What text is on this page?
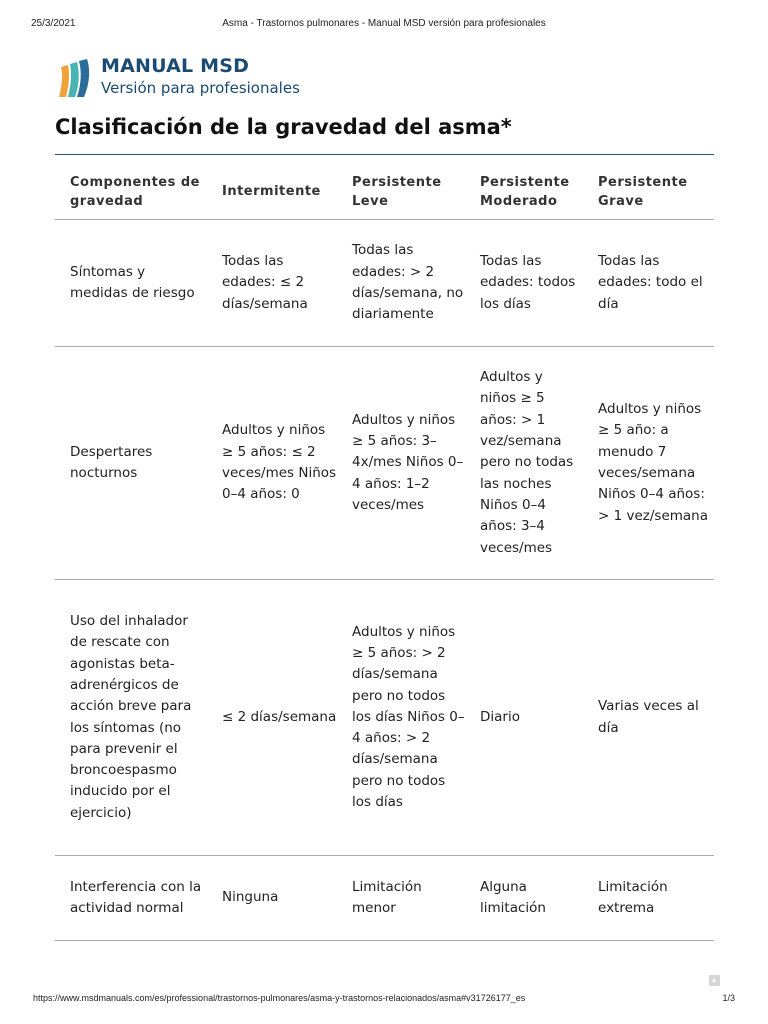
25/3/2021	Asma - Trastornos pulmonares - Manual MSD versión para profesionales
MANUAL MSD
Versión para profesionales
Clasificación de la gravedad del asma*
Componentes de gravedad	Intermitente	Persistente Leve	Persistente Moderado	Persistente Grave
Síntomas y medidas de riesgo	Todas las edades: ≤ 2 días/semana	Todas las edades: > 2 días/semana, no diariamente	Todas las edades: todos los días	Todas las edades: todo el día
Despertares nocturnos	Adultos y niños ≥ 5 años: ≤ 2 veces/mes Niños 0–4 años: 0	Adultos y niños ≥ 5 años: 3–4x/mes Niños 0–4 años: 1–2 veces/mes	Adultos y niños ≥ 5 años: > 1 vez/semana pero no todas las noches Niños 0–4 años: 3–4 veces/mes	Adultos y niños ≥ 5 año: a menudo 7 veces/semana Niños 0–4 años: > 1 vez/semana
Uso del inhalador de rescate con agonistas beta-adrenérgicos de acción breve para los síntomas (no para prevenir el broncoespasmo inducido por el ejercicio)	≤ 2 días/semana	Adultos y niños ≥ 5 años: > 2 días/semana pero no todos los días Niños 0–4 años: > 2 días/semana pero no todos los días	Diario	Varias veces al día
Interferencia con la actividad normal	Ninguna	Limitación menor	Alguna limitación	Limitación extrema
https://www.msdmanuals.com/es/professional/trastornos-pulmonares/asma-y-trastornos-relacionados/asma#v31726177_es	1/3
